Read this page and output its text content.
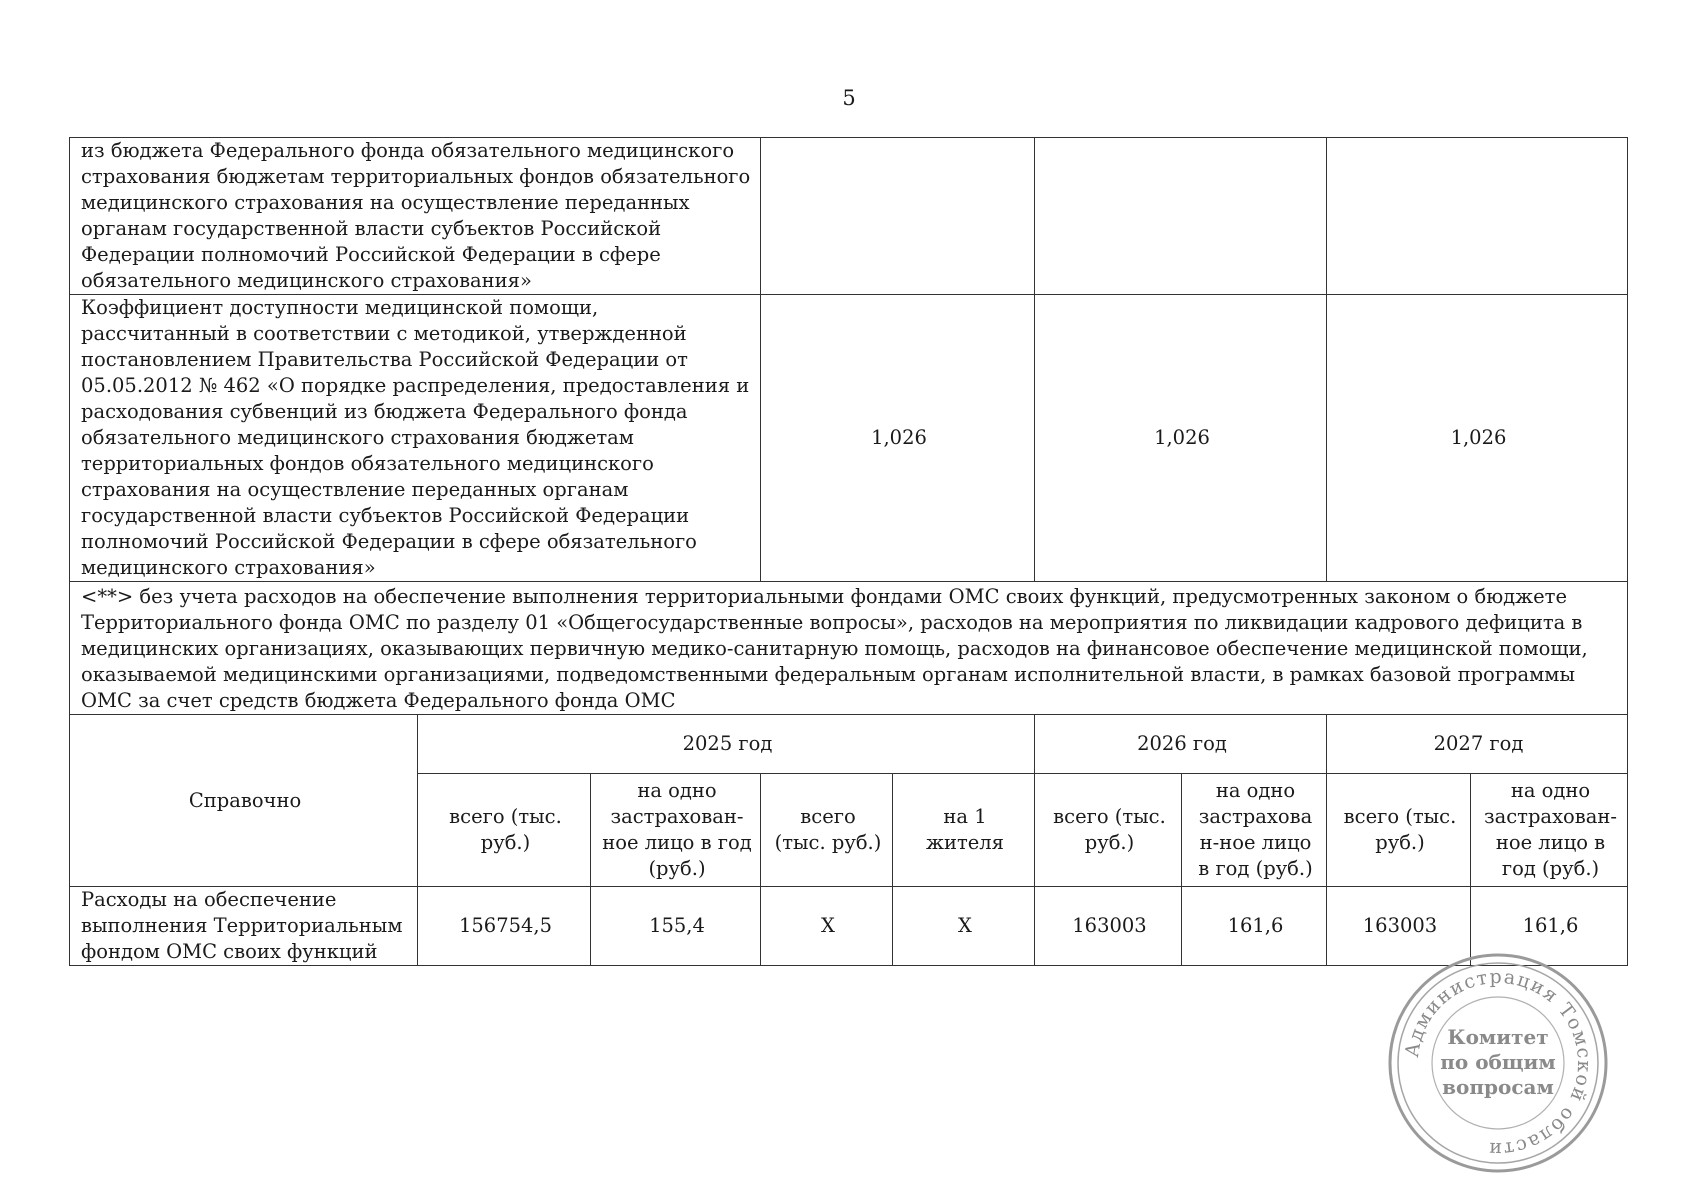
5
из бюджета Федерального фонда обязательного медицинского страхования бюджетам территориальных фондов обязательного медицинского страхования на осуществление переданных органам государственной власти субъектов Российской Федерации полномочий Российской Федерации в сфере обязательного медицинского страхования»								
Коэффициент доступности медицинской помощи, рассчитанный в соответствии с методикой, утвержденной постановлением Правительства Российской Федерации от 05.05.2012 № 462 «О порядке распределения, предоставления и расходования субвенций из бюджета Федерального фонда обязательного медицинского страхования бюджетам территориальных фондов обязательного медицинского страхования на осуществление переданных органам государственной власти субъектов Российской Федерации полномочий Российской Федерации в сфере обязательного медицинского страхования»			1,026		1,026		1,026	
<**> без учета расходов на обеспечение выполнения территориальными фондами ОМС своих функций, предусмотренных законом о бюджете Территориального фонда ОМС по разделу 01 «Общегосударственные вопросы», расходов на мероприятия по ликвидации кадрового дефицита в медицинских организациях, оказывающих первичную медико-санитарную помощь, расходов на финансовое обеспечение медицинской помощи, оказываемой медицинскими организациями, подведомственными федеральным органам исполнительной власти, в рамках базовой программы ОМС за счет средств бюджета Федерального фонда ОМС								
Справочно	2025 год				2026 год		2027 год	
	всего (тыс. руб.)	на одно застрахован-ное лицо в год (руб.)	всего (тыс. руб.)	на 1 жителя	всего (тыс. руб.)	на одно застрахован-ное лицо в год (руб.)	всего (тыс. руб.)	на одно застрахован-ное лицо в год (руб.)
Расходы на обеспечение выполнения Территориальным фондом ОМС своих функций	156754,5	155,4	Х	Х	163003	161,6	163003	161,6
Администрация Томской области
Комитет
по общим
вопросам
